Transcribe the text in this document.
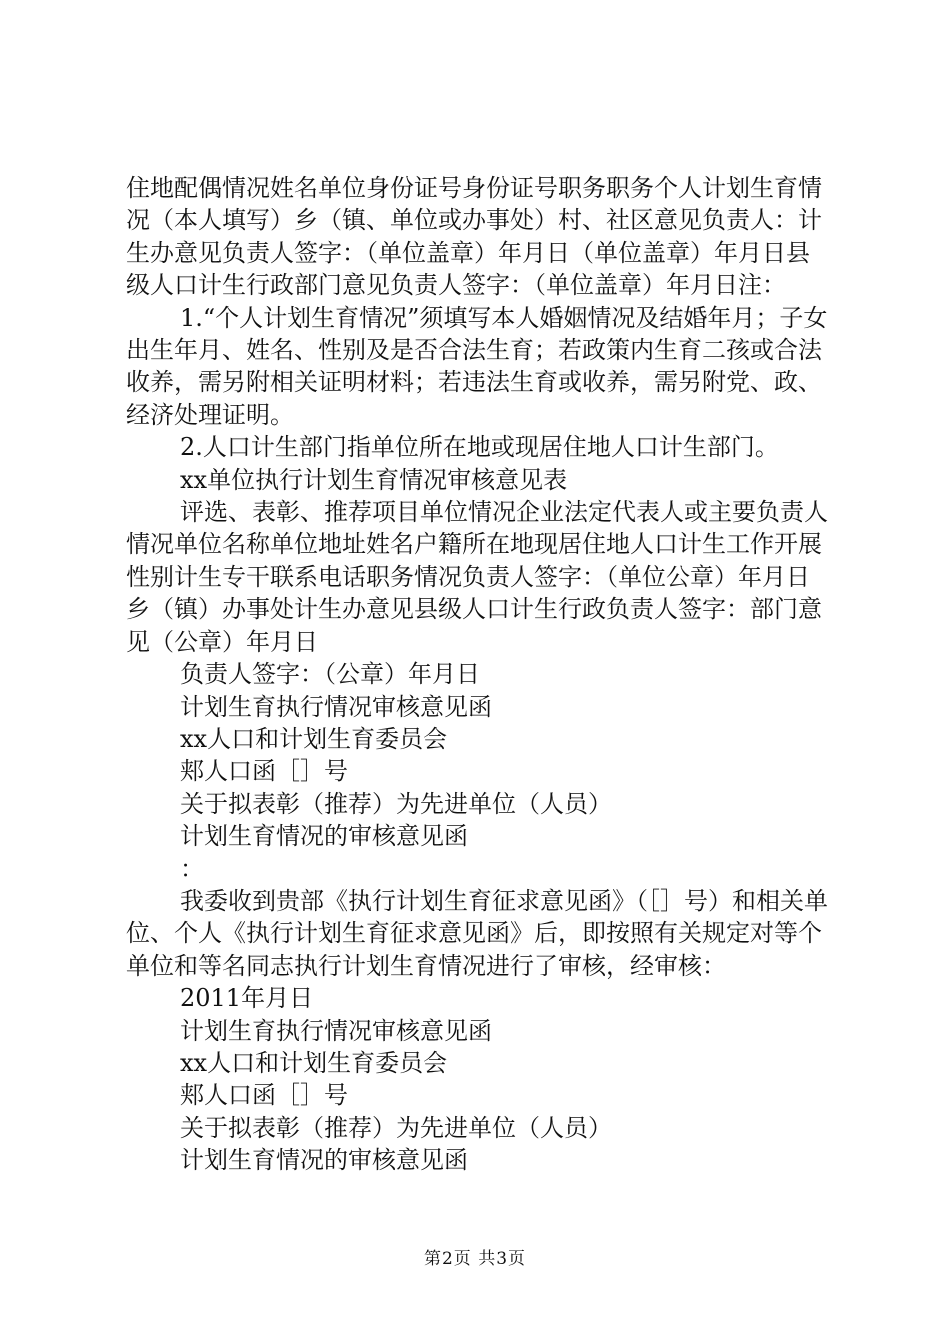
住地配偶情况姓名单位身份证号身份证号职务职务个人计划生育情况（本人填写）乡（镇、单位或办事处）村、社区意见负责人：计生办意见负责人签字：（单位盖章）年月日（单位盖章）年月日县级人口计生行政部门意见负责人签字：（单位盖章）年月日注：

1.“个人计划生育情况”须填写本人婚姻情况及结婚年月；子女出生年月、姓名、性别及是否合法生育；若政策内生育二孩或合法收养，需另附相关证明材料；若违法生育或收养，需另附党、政、经济处理证明。

2.人口计生部门指单位所在地或现居住地人口计生部门。

xx单位执行计划生育情况审核意见表

评选、表彰、推荐项目单位情况企业法定代表人或主要负责人情况单位名称单位地址姓名户籍所在地现居住地人口计生工作开展性别计生专干联系电话职务情况负责人签字：（单位公章）年月日乡（镇）办事处计生办意见县级人口计生行政负责人签字：部门意见（公章）年月日

负责人签字：（公章）年月日

计划生育执行情况审核意见函

xx人口和计划生育委员会

郏人口函［］号

关于拟表彰（推荐）为先进单位（人员）

计划生育情况的审核意见函

：

我委收到贵部《执行计划生育征求意见函》（［］号）和相关单位、个人《执行计划生育征求意见函》后，即按照有关规定对等个单位和等名同志执行计划生育情况进行了审核，经审核：

2011年月日

计划生育执行情况审核意见函

xx人口和计划生育委员会

郏人口函［］号

关于拟表彰（推荐）为先进单位（人员）

计划生育情况的审核意见函

第2页 共3页
